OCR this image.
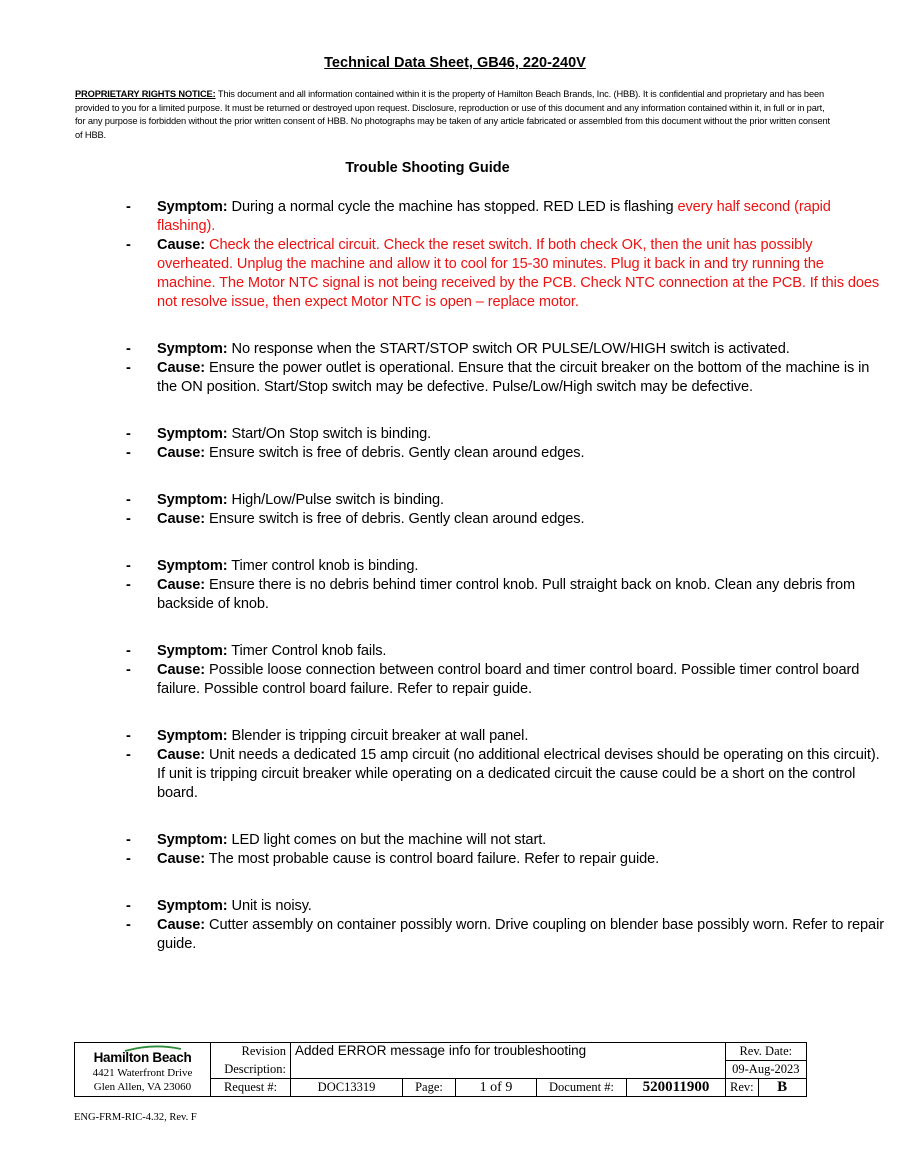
Technical Data Sheet, GB46, 220-240V
PROPRIETARY RIGHTS NOTICE: This document and all information contained within it is the property of Hamilton Beach Brands, Inc. (HBB). It is confidential and proprietary and has been provided to you for a limited purpose. It must be returned or destroyed upon request. Disclosure, reproduction or use of this document and any information contained within it, in full or in part, for any purpose is forbidden without the prior written consent of HBB. No photographs may be taken of any article fabricated or assembled from this document without the prior written consent of HBB.
Trouble Shooting Guide
- Symptom: During a normal cycle the machine has stopped. RED LED is flashing every half second (rapid flashing).
- Cause: Check the electrical circuit. Check the reset switch. If both check OK, then the unit has possibly overheated. Unplug the machine and allow it to cool for 15-30 minutes. Plug it back in and try running the machine. The Motor NTC signal is not being received by the PCB. Check NTC connection at the PCB. If this does not resolve issue, then expect Motor NTC is open – replace motor.
- Symptom: No response when the START/STOP switch OR PULSE/LOW/HIGH switch is activated.
- Cause: Ensure the power outlet is operational. Ensure that the circuit breaker on the bottom of the machine is in the ON position. Start/Stop switch may be defective. Pulse/Low/High switch may be defective.
- Symptom: Start/On Stop switch is binding.
- Cause: Ensure switch is free of debris. Gently clean around edges.
- Symptom: High/Low/Pulse switch is binding.
- Cause: Ensure switch is free of debris. Gently clean around edges.
- Symptom: Timer control knob is binding.
- Cause: Ensure there is no debris behind timer control knob. Pull straight back on knob. Clean any debris from backside of knob.
- Symptom: Timer Control knob fails.
- Cause: Possible loose connection between control board and timer control board. Possible timer control board failure. Possible control board failure. Refer to repair guide.
- Symptom: Blender is tripping circuit breaker at wall panel.
- Cause: Unit needs a dedicated 15 amp circuit (no additional electrical devises should be operating on this circuit). If unit is tripping circuit breaker while operating on a dedicated circuit the cause could be a short on the control board.
- Symptom: LED light comes on but the machine will not start.
- Cause: The most probable cause is control board failure. Refer to repair guide.
- Symptom: Unit is noisy.
- Cause: Cutter assembly on container possibly worn. Drive coupling on blender base possibly worn. Refer to repair guide.
Hamilton Beach
4421 Waterfront Drive
Glen Allen, VA 23060	Revision	Added ERROR message info for troubleshooting					Rev. Date:	
	Description:						09-Aug-2023	
	Request #:	DOC13319	Page:	1 of 9	Document #:	520011900	Rev:	B
ENG-FRM-RIC-4.32, Rev. F
